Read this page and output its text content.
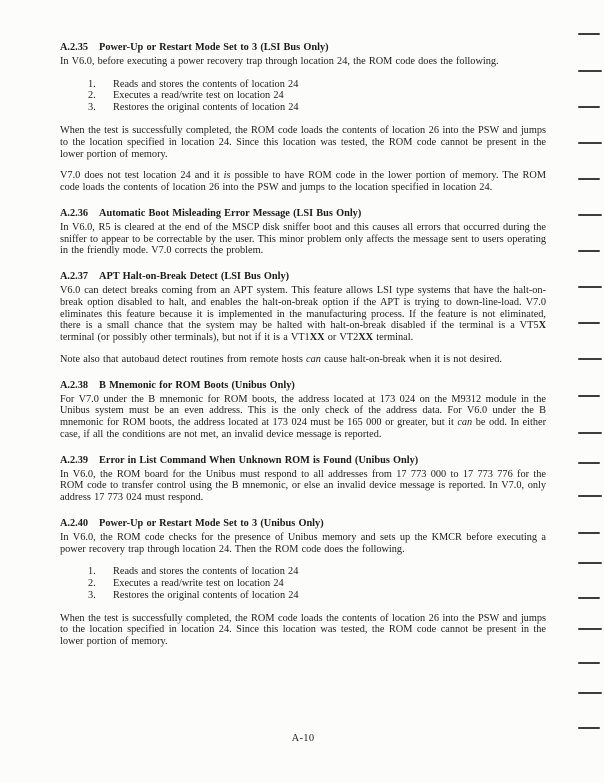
A.2.35 Power-Up or Restart Mode Set to 3 (LSI Bus Only)

In V6.0, before executing a power recovery trap through location 24, the ROM code does the following.

1.	Reads and stores the contents of location 24
2.	Executes a read/write test on location 24
3.	Restores the original contents of location 24

When the test is successfully completed, the ROM code loads the contents of location 26 into the PSW and jumps to the location specified in location 24. Since this location was tested, the ROM code cannot be present in the lower portion of memory.

V7.0 does not test location 24 and it is possible to have ROM code in the lower portion of memory. The ROM code loads the contents of location 26 into the PSW and jumps to the location specified in location 24.

A.2.36 Automatic Boot Misleading Error Message (LSI Bus Only)

In V6.0, R5 is cleared at the end of the MSCP disk sniffer boot and this causes all errors that occurred during the sniffer to appear to be correctable by the user. This minor problem only affects the message sent to users operating in the friendly mode. V7.0 corrects the problem.

A.2.37 APT Halt-on-Break Detect (LSI Bus Only)

V6.0 can detect breaks coming from an APT system. This feature allows LSI type systems that have the halt-on-break option disabled to halt, and enables the halt-on-break option if the APT is trying to down-line-load. V7.0 eliminates this feature because it is implemented in the manufacturing process. If the feature is not eliminated, there is a small chance that the system may be halted with halt-on-break disabled if the terminal is a VT5X terminal (or possibly other terminals), but not if it is a VT1XX or VT2XX terminal.

Note also that autobaud detect routines from remote hosts can cause halt-on-break when it is not desired.

A.2.38 B Mnemonic for ROM Boots (Unibus Only)

For V7.0 under the B mnemonic for ROM boots, the address located at 173 024 on the M9312 module in the Unibus system must be an even address. This is the only check of the address data. For V6.0 under the B mnemonic for ROM boots, the address located at 173 024 must be 165 000 or greater, but it can be odd. In either case, if all the conditions are not met, an invalid device message is reported.

A.2.39 Error in List Command When Unknown ROM is Found (Unibus Only)

In V6.0, the ROM board for the Unibus must respond to all addresses from 17 773 000 to 17 773 776 for the ROM code to transfer control using the B mnemonic, or else an invalid device message is reported. In V7.0, only address 17 773 024 must respond.

A.2.40 Power-Up or Restart Mode Set to 3 (Unibus Only)

In V6.0, the ROM code checks for the presence of Unibus memory and sets up the KMCR before executing a power recovery trap through location 24. Then the ROM code does the following.

1.	Reads and stores the contents of location 24
2.	Executes a read/write test on location 24
3.	Restores the original contents of location 24

When the test is successfully completed, the ROM code loads the contents of location 26 into the PSW and jumps to the location specified in location 24. Since this location was tested, the ROM code cannot be present in the lower portion of memory.

A-10
